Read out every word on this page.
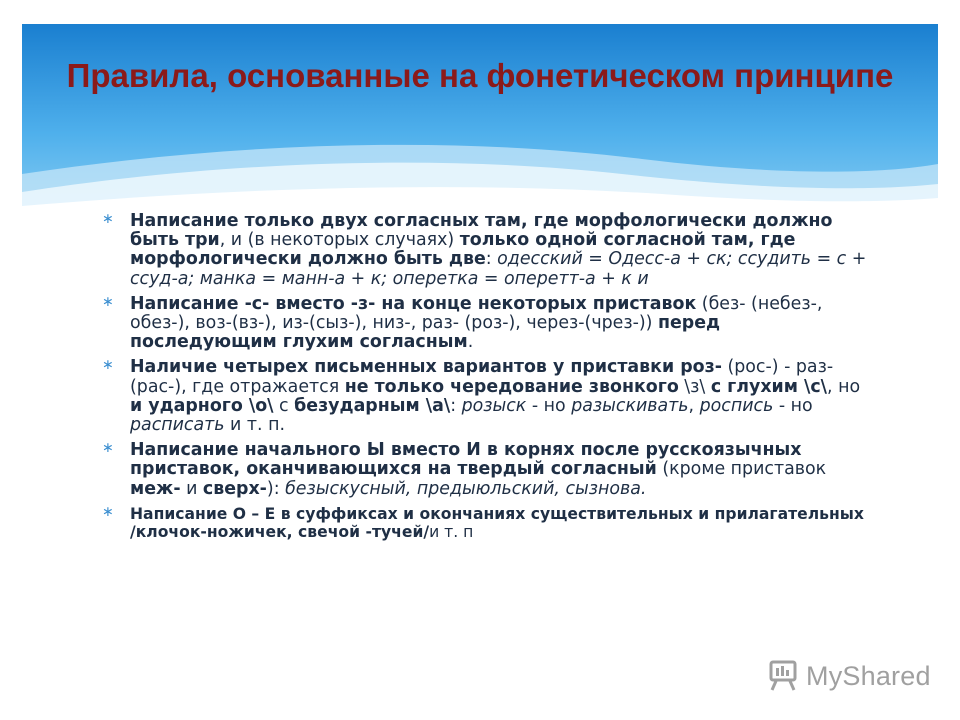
Правила, основанные на фонетическом принципе
∗ Написание только двух согласных там, где морфологически должно быть три, и (в некоторых случаях) только одной согласной там, где морфологически должно быть две: одесский = Одесс-а + ск; ссудить = с + ссуд-а; манка = манн-а + к; оперетка = оперетт-а + к и
∗ Написание -с- вместо -з- на конце некоторых приставок (без- (небез-, обез-), воз-(вз-), из-(сыз-), низ-, раз- (роз-), через-(чрез-)) перед последующим глухим согласным.
∗ Наличие четырех письменных вариантов у приставки роз- (рос-) - раз- (рас-), где отражается не только чередование звонкого \з\ с глухим \с\, но и ударного \о\ с безударным \а\: розыск - но разыскивать, роспись - но расписать и т. п.
∗ Написание начального Ы вместо И в корнях после русскоязычных приставок, оканчивающихся на твердый согласный (кроме приставок меж- и сверх-): безыскусный, предыюльский, сызнова.
∗ Написание О – Е в суффиксах и окончаниях существительных и прилагательных /клочок-ножичек, свечой -тучей/и т. п
MyShared
